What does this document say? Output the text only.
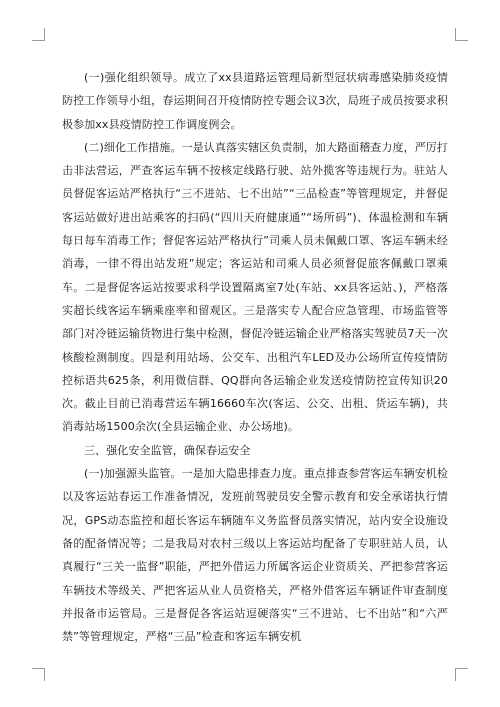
(一)强化组织领导。成立了xx县道路运管理局新型冠状病毒感染肺炎疫情防控工作领导小组，春运期间召开疫情防控专题会议3次，局班子成员按要求积极参加xx县疫情防控工作调度例会。

(二)细化工作措施。一是认真落实辖区负责制，加大路面稽查力度，严厉打击非法营运，严查客运车辆不按核定线路行驶、站外揽客等违规行为。驻站人员督促客运站严格执行“三不进站、七不出站”“三品检查”等管理规定，并督促客运站做好进出站乘客的扫码(“四川天府健康通”“场所码”)、体温检测和车辆每日每车消毒工作；督促客运站严格执行”司乘人员未佩戴口罩、客运车辆未经消毒，一律不得出站发班”规定；客运站和司乘人员必须督促旅客佩戴口罩乘车。二是督促客运站按要求科学设置隔离室7处(车站、xx县客运站、)，严格落实超长线客运车辆乘座率和留观区。三是落实专人配合应急管理、市场监管等部门对冷链运输货物进行集中检测，督促冷链运输企业严格落实驾驶员7天一次核酸检测制度。四是利用站场、公交车、出租汽车LED及办公场所宣传疫情防控标语共625条，利用微信群、QQ群向各运输企业发送疫情防控宣传知识20次。截止目前已消毒营运车辆16660车次(客运、公交、出租、货运车辆)，共消毒站场1500余次(全县运输企业、办公场地)。

三、强化安全监管，确保春运安全

(一)加强源头监管。一是加大隐患排查力度。重点排查参营客运车辆安机检以及客运站春运工作准备情况，发班前驾驶员安全警示教育和安全承诺执行情况，GPS动态监控和超长客运车辆随车义务监督员落实情况，站内安全设施设备的配备情况等；二是我局对农村三级以上客运站均配备了专职驻站人员，认真履行“三关一监督”职能，严把外借运力所属客运企业资质关、严把参营客运车辆技术等级关、严把客运从业人员资格关，严格外借客运车辆证件审查制度并报备市运管局。三是督促各客运站逗硬落实“三不进站、七不出站”和“六严禁”等管理规定，严格“三品”检查和客运车辆安机
